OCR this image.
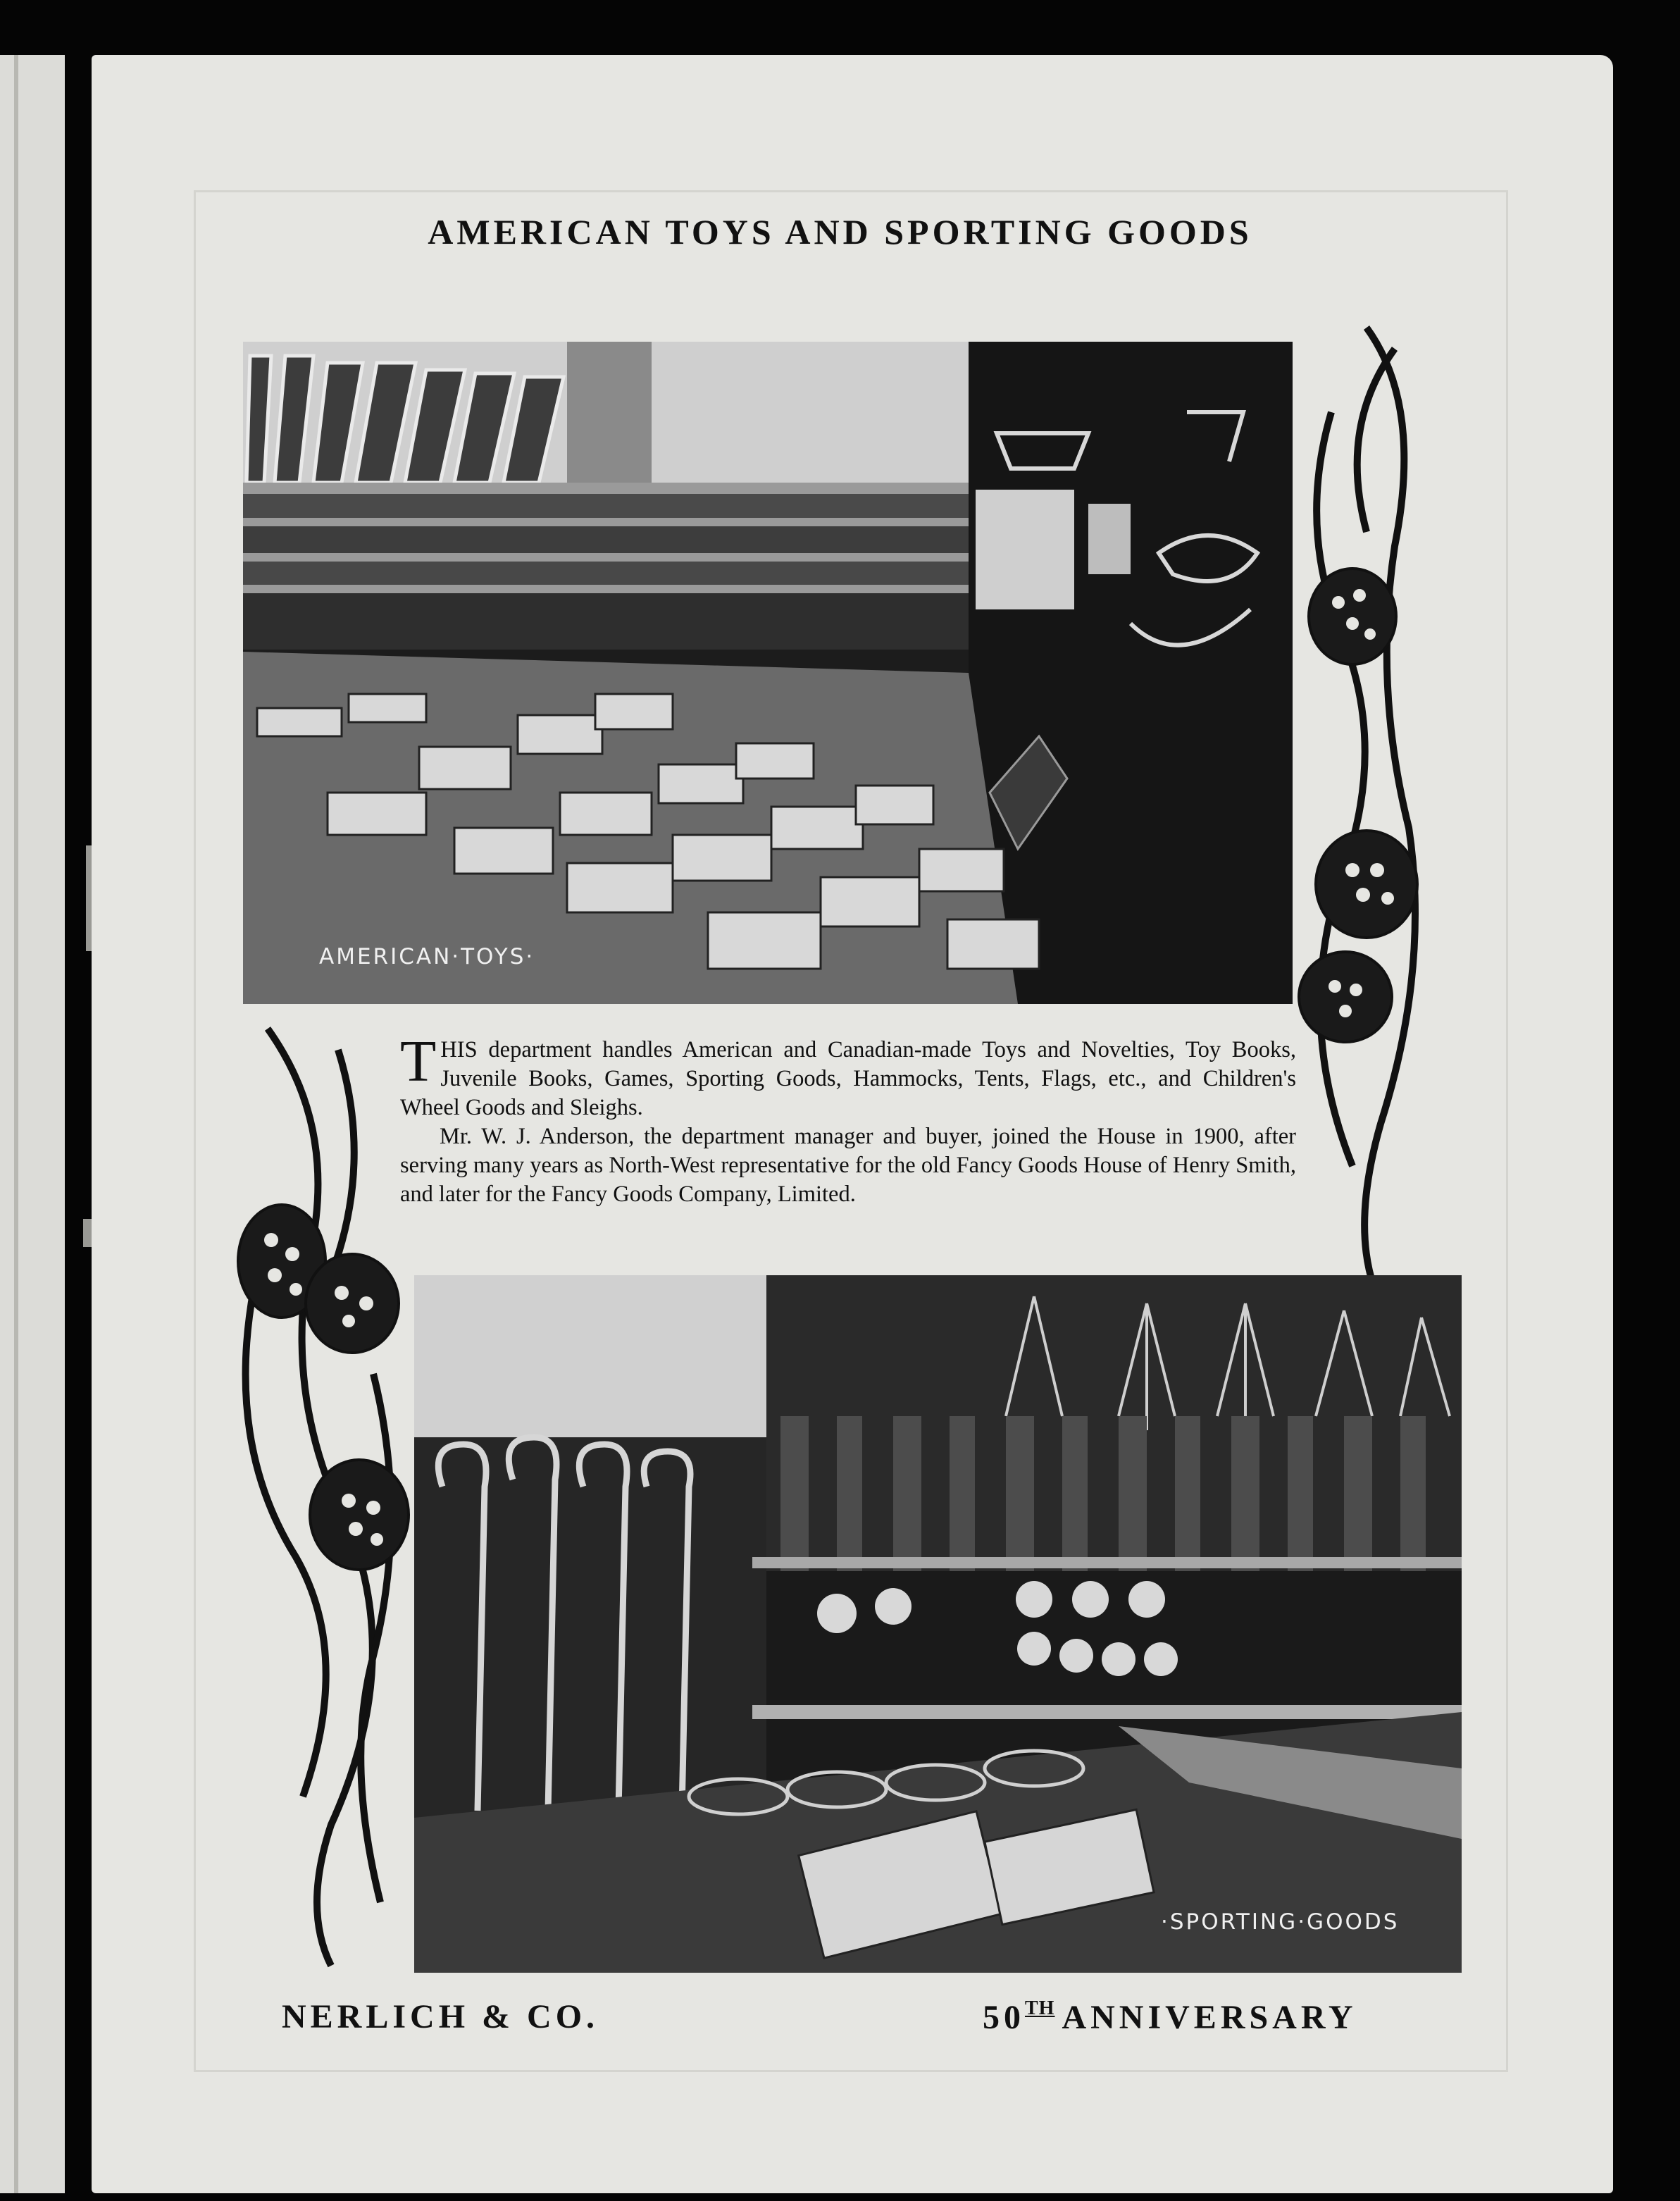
AMERICAN TOYS AND SPORTING GOODS
AMERICAN·TOYS·

THIS department handles American and Canadian-made Toys and Novelties, Toy Books, Juvenile Books, Games, Sporting Goods, Hammocks, Tents, Flags, etc., and Children's Wheel Goods and Sleighs.

Mr. W. J. Anderson, the department manager and buyer, joined the House in 1900, after serving many years as North-West representative for the old Fancy Goods House of Henry Smith, and later for the Fancy Goods Company, Limited.

·SPORTING·GOODS
NERLICH & CO.	50TH ANNIVERSARY
